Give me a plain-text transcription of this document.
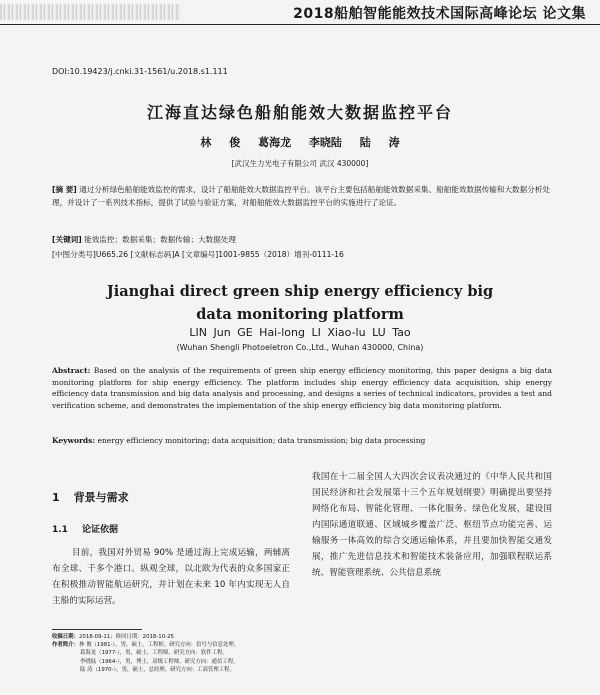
2018船舶智能能效技术国际高峰论坛 论文集
DOI:10.19423/j.cnki.31-1561/u.2018.s1.111
江海直达绿色船舶能效大数据监控平台
林 俊 葛海龙 李晓陆 陆 涛
[武汉生力光电子有限公司 武汉 430000]
[摘 要] 通过分析绿色船舶能效监控的需求，设计了船舶能效大数据监控平台。该平台主要包括船舶能效数据采集、船舶能效数据传输和大数据分析处理，并设计了一系列技术指标，提供了试验与验证方案，对船舶能效大数据监控平台的实施进行了论证。
[关键词] 能效监控；数据采集；数据传输；大数据处理
[中图分类号]U665.26 [文献标志码]A [文章编号]1001-9855（2018）增刊-0111-16
Jianghai direct green ship energy efficiency big
data monitoring platform
LIN Jun GE Hai-long LI Xiao-lu LU Tao
(Wuhan Shengli Photoeletron Co.,Ltd., Wuhan 430000, China)
Abstract: Based on the analysis of the requirements of green ship energy efficiency monitoring, this paper designs a big data monitoring platform for ship energy efficiency. The platform includes ship energy efficiency data acquisition, ship energy efficiency data transmission and big data analysis and processing, and designs a series of technical indicators, provides a test and verification scheme, and demonstrates the implementation of the ship energy efficiency big data monitoring platform.
Keywords: energy efficiency monitoring; data acquisition; data transmission; big data processing
1 背景与需求
1.1 论证依据
目前，我国对外贸易 90% 是通过海上完成运输，两辅离布全球、千多个港口。纵观全球，以北欧为代表的众多国家正在积极推动智能航运研究，并计划在未来 10 年内实现无人自主船的实际运营。
我国在十二届全国人大四次会议表决通过的《中华人民共和国国民经济和社会发展第十三个五年规划纲要》明确提出要坚持网络化布局、智能化管理、一体化服务、绿色化发展，建设国内国际通道联通、区域城乡覆盖广泛、枢纽节点功能完善、运输服务一体高效的综合交通运输体系，并且要加快智能交通发展，推广先进信息技术和智能技术装备应用，加强联程联运系统、智能管理系统、公共信息系统
收稿日期：2018-09-11；修回日期：2018-10-25
作者简介：林 俊（1981-），男，硕士，工程师。研究方向：信号与信息处理。
葛海龙（1977-），男，硕士，工程师。研究方向：软件工程。
李晓陆（1964-），男，博士，高级工程师。研究方向：通信工程。
陆 涛（1970-），男，硕士，总经理。研究方向：工商管理工程。
